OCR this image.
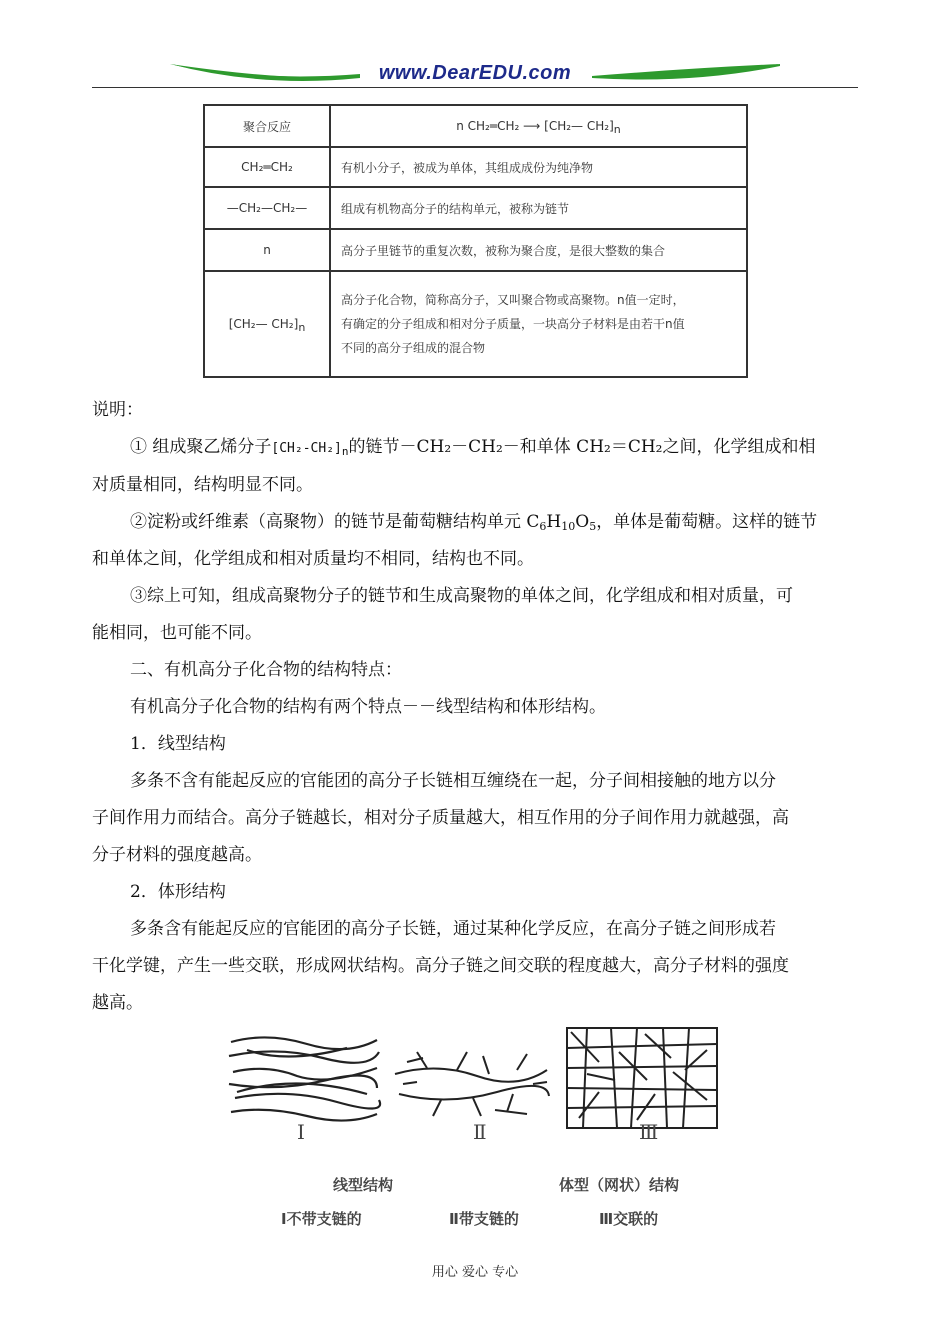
www.DearEDU.com
聚合反应	n CH₂═CH₂ ⟶ [CH₂— $CH_2]_n$
CH₂═CH₂	有机小分子，被成为单体，其组成成份为纯净物
—CH₂—CH₂—	组成有机物高分子的结构单元，被称为链节
n	高分子里链节的重复次数，被称为聚合度，是很大整数的集合
[CH₂— $CH_2]_n$	高分子化合物，简称高分子，又叫聚合物或高聚物。n值一定时，
有确定的分子组成和相对分子质量，一块高分子材料是由若干n值
不同的高分子组成的混合物

说明：

① 组成聚乙烯分子$[CH_2-CH_2]_n$的链节－CH₂－CH₂－和单体 CH₂＝CH₂之间，化学组成和相

对质量相同，结构明显不同。

②淀粉或纤维素（高聚物）的链节是葡萄糖结构单元 $C_6H_{10}O_5$，单体是葡萄糖。这样的链节

和单体之间，化学组成和相对质量均不相同，结构也不同。

③综上可知，组成高聚物分子的链节和生成高聚物的单体之间，化学组成和相对质量，可

能相同，也可能不同。

二、有机高分子化合物的结构特点：

有机高分子化合物的结构有两个特点－－线型结构和体形结构。

1．线型结构

多条不含有能起反应的官能团的高分子长链相互缠绕在一起，分子间相接触的地方以分

子间作用力而结合。高分子链越长，相对分子质量越大，相互作用的分子间作用力就越强，高

分子材料的强度越高。

2．体形结构

多条含有能起反应的官能团的高分子长链，通过某种化学反应，在高分子链之间形成若

干化学键，产生一些交联，形成网状结构。高分子链之间交联的程度越大，高分子材料的强度

越高。

Ⅰ	Ⅱ	Ⅲ
线型结构	体型（网状）结构
Ⅰ不带支链的	Ⅱ带支链的	Ⅲ交联的
用心 爱心 专心
